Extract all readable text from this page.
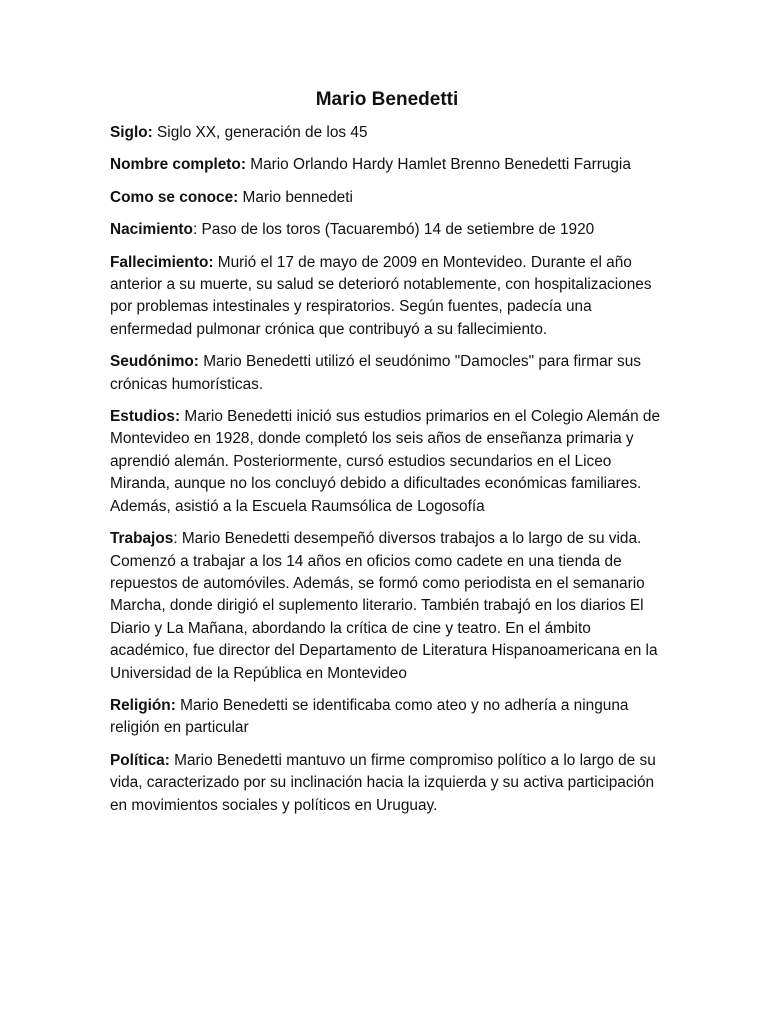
Mario Benedetti

Siglo: Siglo XX, generación de los 45

Nombre completo: Mario Orlando Hardy Hamlet Brenno Benedetti Farrugia

Como se conoce: Mario bennedeti

Nacimiento: Paso de los toros (Tacuarembó) 14 de setiembre de 1920

Fallecimiento: Murió el 17 de mayo de 2009 en Montevideo. Durante el año anterior a su muerte, su salud se deterioró notablemente, con hospitalizaciones por problemas intestinales y respiratorios. Según fuentes, padecía una enfermedad pulmonar crónica que contribuyó a su fallecimiento.

Seudónimo: Mario Benedetti utilizó el seudónimo "Damocles" para firmar sus crónicas humorísticas.

Estudios: Mario Benedetti inició sus estudios primarios en el Colegio Alemán de Montevideo en 1928, donde completó los seis años de enseñanza primaria y aprendió alemán. Posteriormente, cursó estudios secundarios en el Liceo Miranda, aunque no los concluyó debido a dificultades económicas familiares. Además, asistió a la Escuela Raumsólica de Logosofía

Trabajos: Mario Benedetti desempeñó diversos trabajos a lo largo de su vida. Comenzó a trabajar a los 14 años en oficios como cadete en una tienda de repuestos de automóviles. Además, se formó como periodista en el semanario Marcha, donde dirigió el suplemento literario. También trabajó en los diarios El Diario y La Mañana, abordando la crítica de cine y teatro. En el ámbito académico, fue director del Departamento de Literatura Hispanoamericana en la Universidad de la República en Montevideo

Religión: Mario Benedetti se identificaba como ateo y no adhería a ninguna religión en particular

Política: Mario Benedetti mantuvo un firme compromiso político a lo largo de su vida, caracterizado por su inclinación hacia la izquierda y su activa participación en movimientos sociales y políticos en Uruguay.
